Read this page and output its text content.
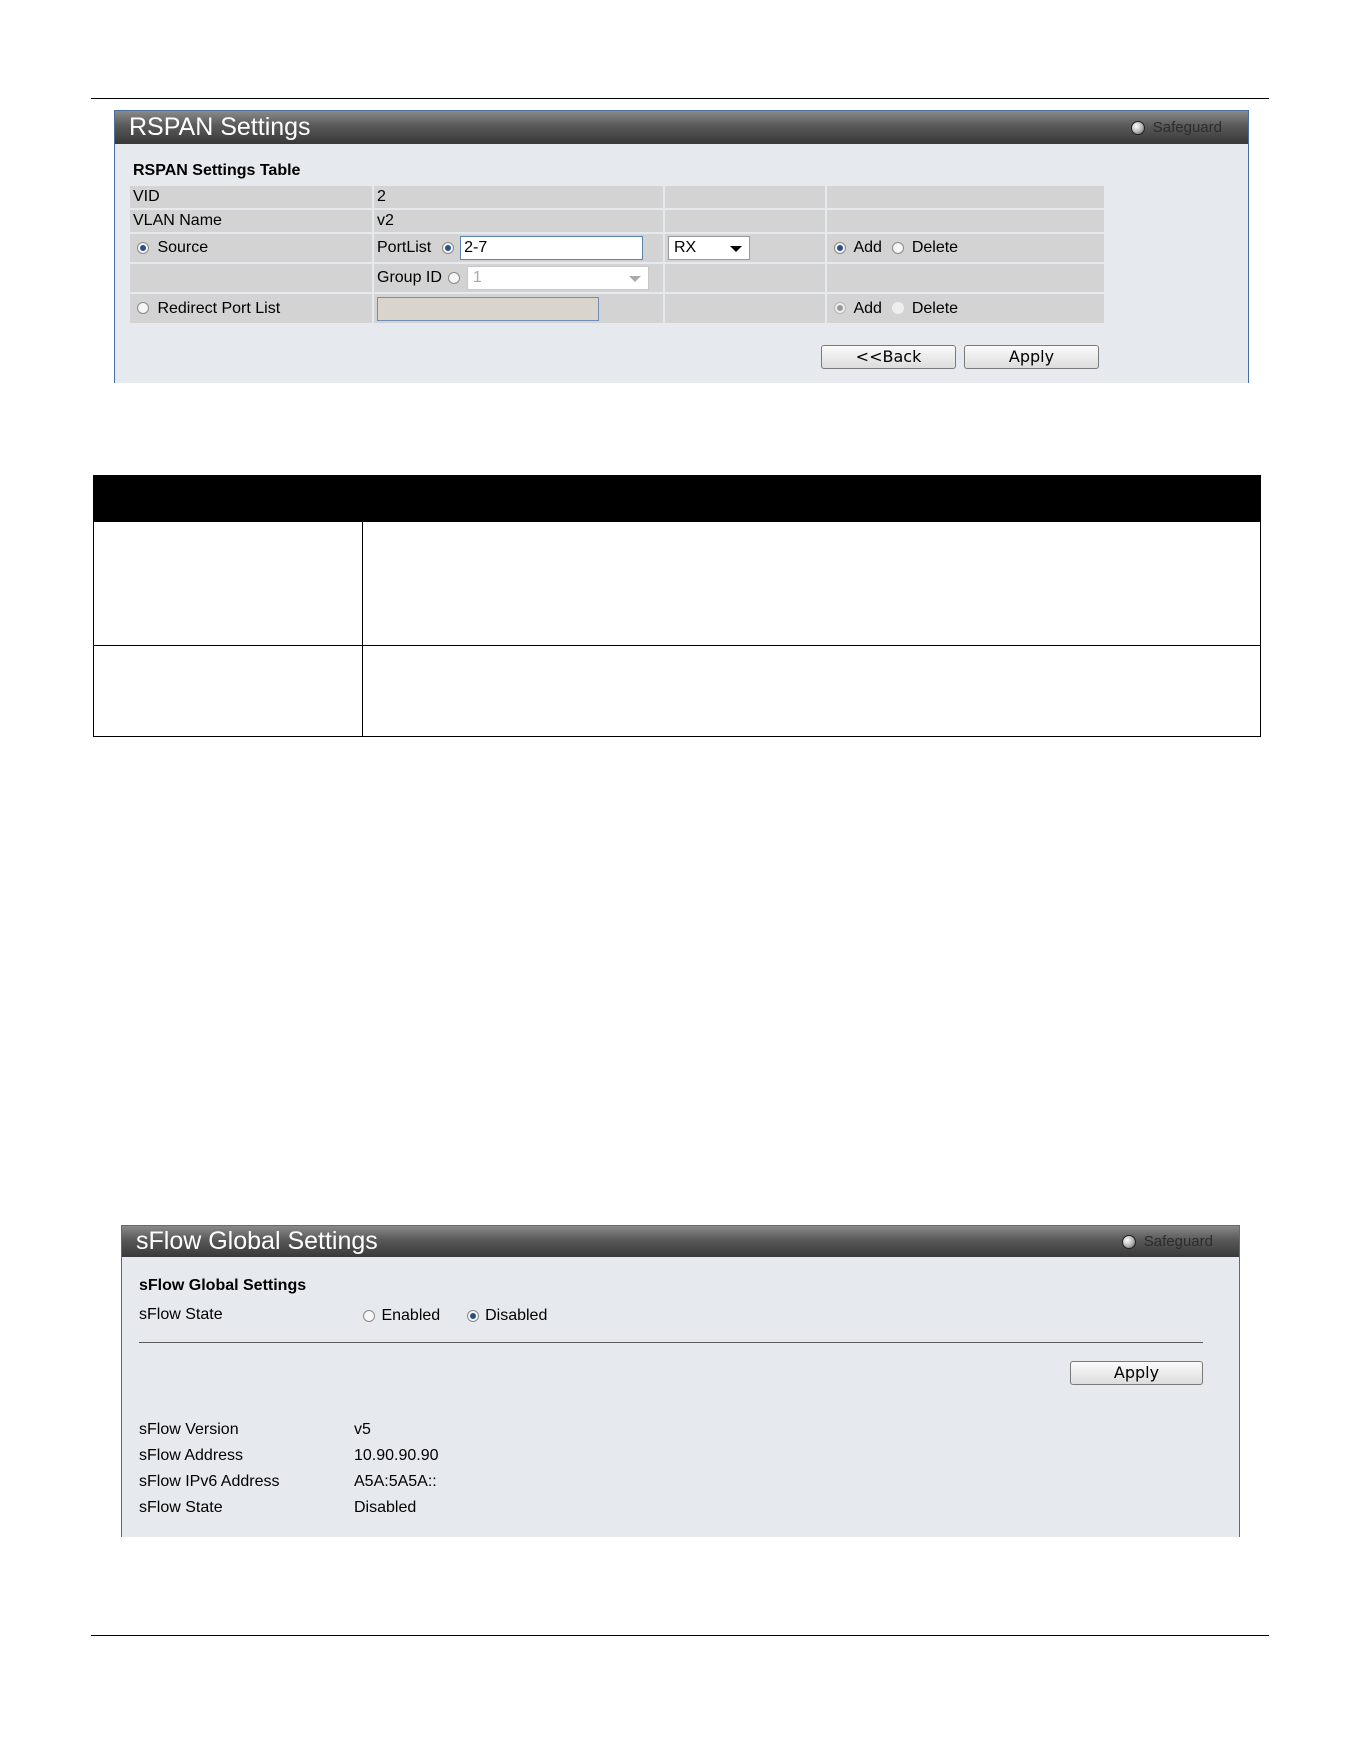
RSPAN Settings	Safeguard
RSPAN Settings Table
VID	2		
VLAN Name	v2		
Source	PortList 2-7	RX	Add Delete
	Group ID 1

Redirect Port List			Add Delete
<<Back	Apply
sFlow Global Settings	Safeguard
sFlow Global Settings
sFlow State	Enabled	Disabled
Apply
sFlow Version	v5
sFlow Address	10.90.90.90
sFlow IPv6 Address	A5A:5A5A::
sFlow State	Disabled
